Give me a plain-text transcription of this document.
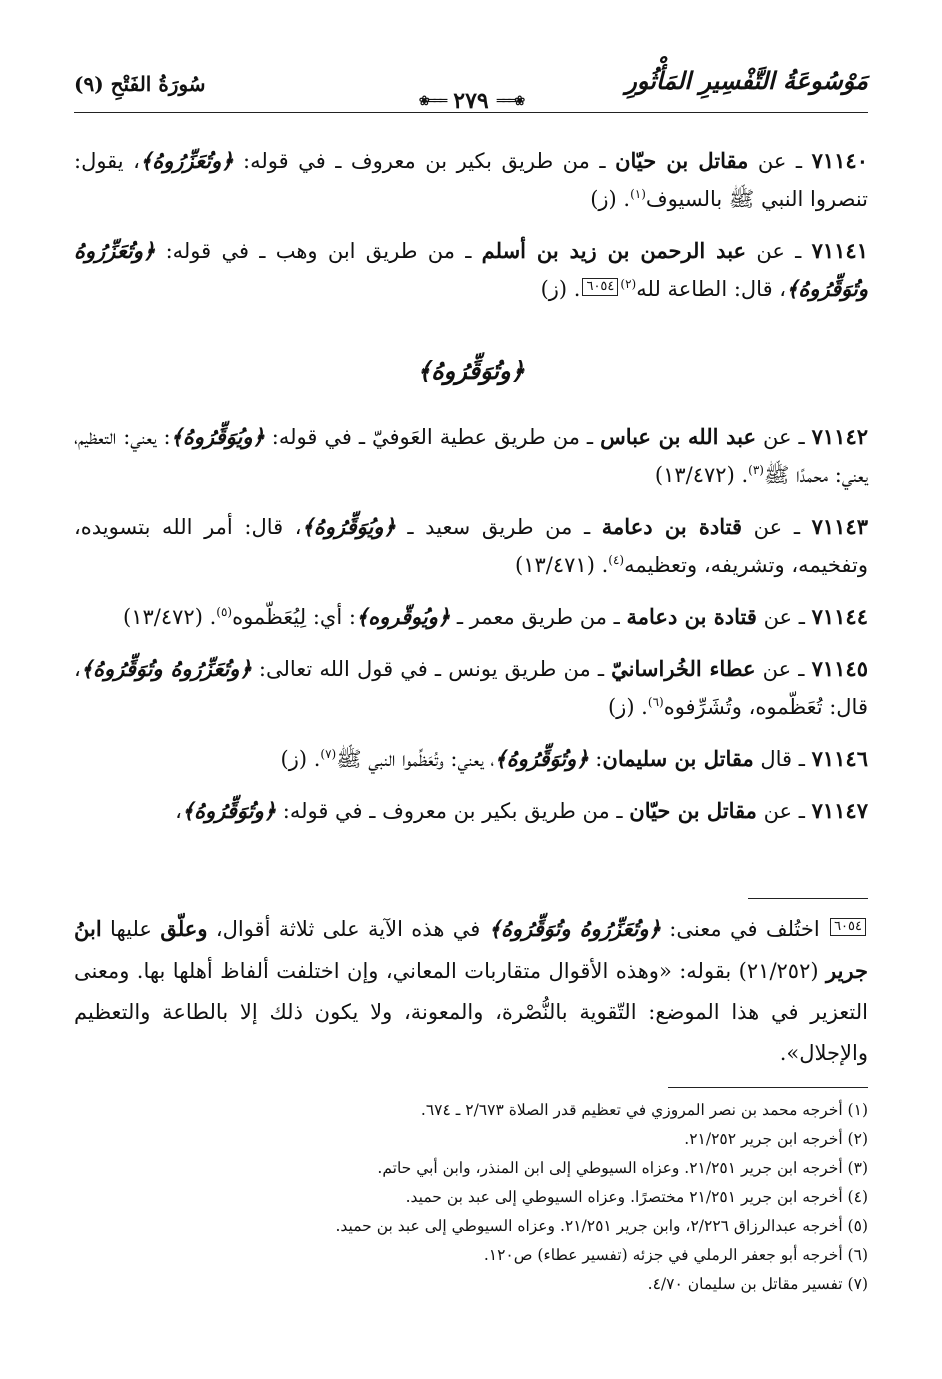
مَوْسُوعَةُ التَّفْسِيرِ المَأْثُورِ
❀═══ ٢٧٩ ═══❀
سُورَةُ الفَتْحِ (٩)

٧١١٤٠ ـ عن مقاتل بن حيّان ـ من طريق بكير بن معروف ـ في قوله: ﴿وتُعَزِّرُوهُ﴾، يقول: تنصروا النبي ﷺ بالسيوف$^{(١)}$. (ز)

٧١١٤١ ـ عن عبد الرحمن بن زيد بن أسلم ـ من طريق ابن وهب ـ في قوله: ﴿وتُعَزِّرُوهُ وتُوَقِّرُوهُ﴾، قال: الطاعة لله$^{(٢)}$٦٠٥٤. (ز)

﴿وتُوَقِّرُوهُ﴾

٧١١٤٢ ـ عن عبد الله بن عباس ـ من طريق عطية العَوفيّ ـ في قوله: ﴿ويُوَقِّرُوهُ﴾: يعني: التعظيم، يعني: محمدًا ﷺ$^{(٣)}$. (١٣/٤٧٢)

٧١١٤٣ ـ عن قتادة بن دعامة ـ من طريق سعيد ـ ﴿ويُوَقِّرُوهُ﴾، قال: أمر الله بتسويده، وتفخيمه، وتشريفه، وتعظيمه$^{(٤)}$. (١٣/٤٧١)

٧١١٤٤ ـ عن قتادة بن دعامة ـ من طريق معمر ـ ﴿ويُوقّروه﴾: أي: لِيُعَظّموه$^{(٥)}$. (١٣/٤٧٢)

٧١١٤٥ ـ عن عطاء الخُراسانيّ ـ من طريق يونس ـ في قول الله تعالى: ﴿وتُعَزِّرُوهُ وتُوَقِّرُوهُ﴾، قال: تُعَظّموه، وتُشَرِّفوه$^{(٦)}$. (ز)

٧١١٤٦ ـ قال مقاتل بن سليمان: ﴿وتُوَقِّرُوهُ﴾، يعني: وتُعَظِّموا النبي ﷺ$^{(٧)}$. (ز)

٧١١٤٧ ـ عن مقاتل بن حيّان ـ من طريق بكير بن معروف ـ في قوله: ﴿وتُوَقِّرُوهُ﴾،

٦٠٥٤ اختُلف في معنى: ﴿وتُعَزِّرُوهُ وتُوَقِّرُوهُ﴾ في هذه الآية على ثلاثة أقوال، وعلّق عليها ابنُ جرير (٢١/٢٥٢) بقوله: «وهذه الأقوال متقاربات المعاني، وإن اختلفت ألفاظ أهلها بها. ومعنى التعزير في هذا الموضع: التّقوية بالنُّصْرة، والمعونة، ولا يكون ذلك إلا بالطاعة والتعظيم والإجلال».
(١) أخرجه محمد بن نصر المروزي في تعظيم قدر الصلاة ٢/٦٧٣ ـ ٦٧٤.
(٢) أخرجه ابن جرير ٢١/٢٥٢.
(٣) أخرجه ابن جرير ٢١/٢٥١. وعزاه السيوطي إلى ابن المنذر، وابن أبي حاتم.
(٤) أخرجه ابن جرير ٢١/٢٥١ مختصرًا. وعزاه السيوطي إلى عبد بن حميد.
(٥) أخرجه عبدالرزاق ٢/٢٢٦، وابن جرير ٢١/٢٥١. وعزاه السيوطي إلى عبد بن حميد.
(٦) أخرجه أبو جعفر الرملي في جزئه (تفسير عطاء) ص١٢٠.
(٧) تفسير مقاتل بن سليمان ٤/٧٠.
